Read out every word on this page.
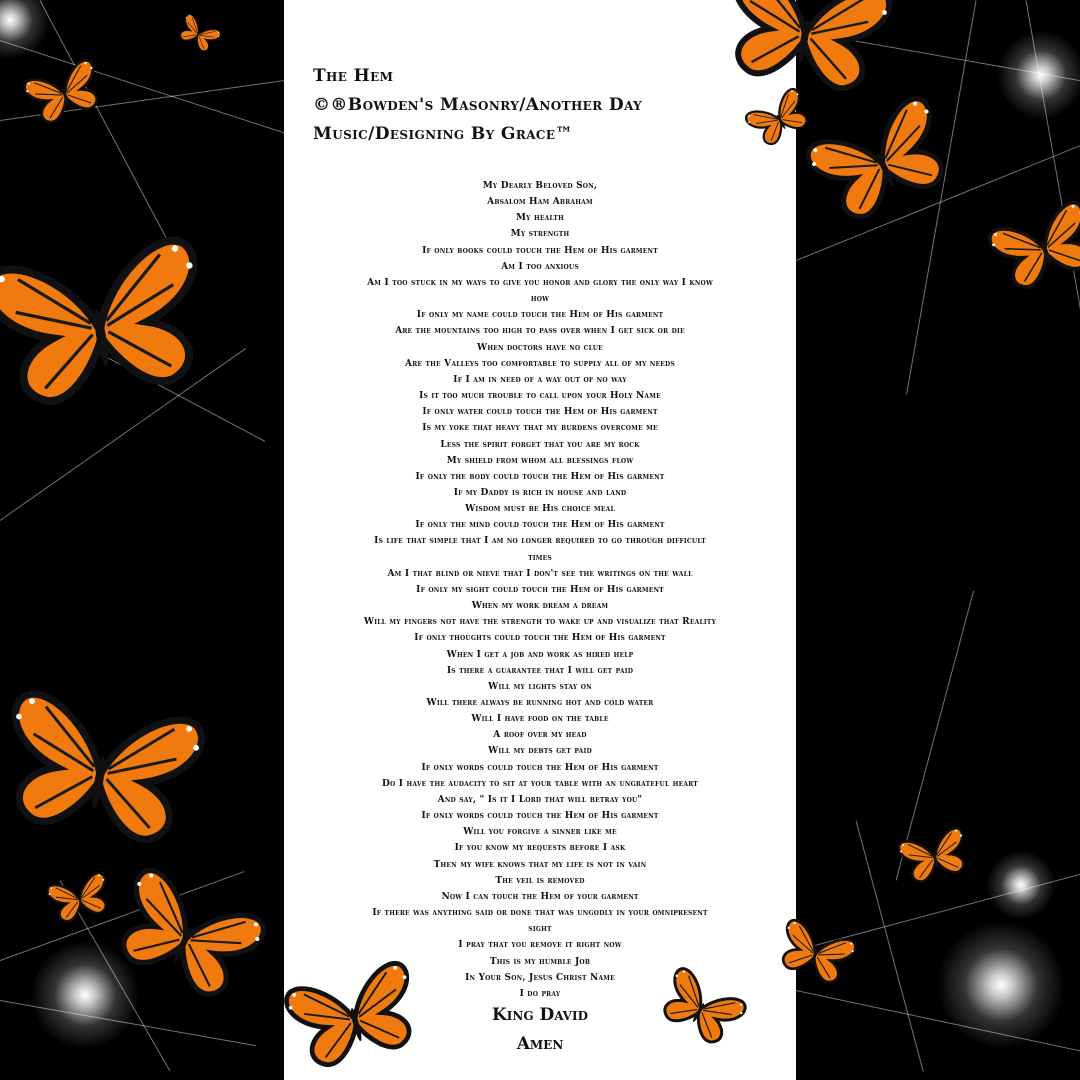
The Hem
©®Bowden's Masonry/Another Day
Music/Designing By Grace™
My Dearly Beloved Son,
Absalom Ham Abraham
My health
My strength
If only books could touch the Hem of His garment
Am I too anxious
Am I too stuck in my ways to give you honor and glory the only way I know
how
If only my name could touch the Hem of His garment
Are the mountains too high to pass over when I get sick or die
When doctors have no clue
Are the Valleys too comfortable to supply all of my needs
If I am in need of a way out of no way
Is it too much trouble to call upon your Holy Name
If only water could touch the Hem of His garment
Is my yoke that heavy that my burdens overcome me
Less the spirit forget that you are my rock
My shield from whom all blessings flow
If only the body could touch the Hem of His garment
If my Daddy is rich in house and land
Wisdom must be His choice meal
If only the mind could touch the Hem of His garment
Is life that simple that I am no longer required to go through difficult
times
Am I that blind or nieve that I don't see the writings on the wall
If only my sight could touch the Hem of His garment
When my work dream a dream
Will my fingers not have the strength to wake up and visualize that Reality
If only thoughts could touch the Hem of His garment
When I get a job and work as hired help
Is there a guarantee that I will get paid
Will my lights stay on
Will there always be running hot and cold water
Will I have food on the table
A roof over my head
Will my debts get paid
If only words could touch the Hem of His garment
Do I have the audacity to sit at your table with an ungrateful heart
And say, " Is it I Lord that will betray you"
If only words could touch the Hem of His garment
Will you forgive a sinner like me
If you know my requests before I ask
Then my wife knows that my life is not in vain
The veil is removed
Now I can touch the Hem of your garment
If there was anything said or done that was ungodly in your omnipresent
sight
I pray that you remove it right now
This is my humble Job
In Your Son, Jesus Christ Name
I do pray
King David
Amen
